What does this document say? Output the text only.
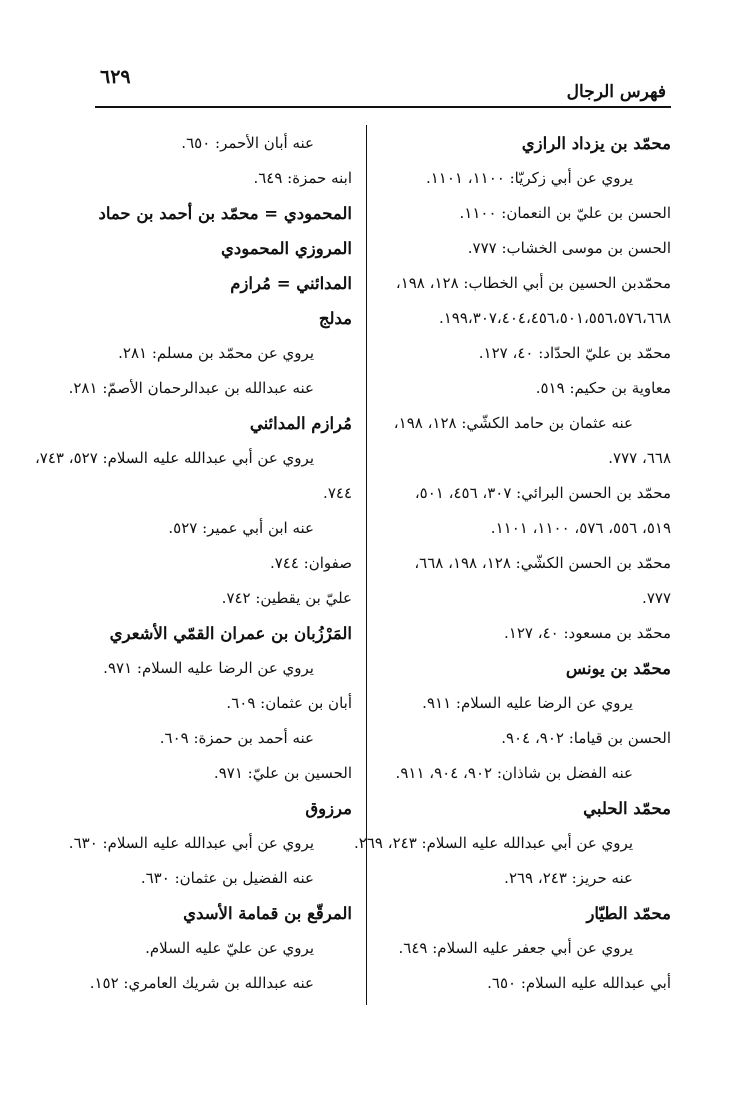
٦٢٩
فهرس الرجال
محمّد بن يزداد الرازي
يروي عن أبي زكريّا: ١١٠٠، ١١٠١.
الحسن بن عليّ بن النعمان: ١١٠٠.
الحسن بن موسى الخشاب: ٧٧٧.
محمّدبن الحسين بن أبي الخطاب: ١٢٨، ١٩٨،
١٩٩،٣٠٧،٤٠٤،٤٥٦،٥٠١،٥٥٦،٥٧٦،٦٦٨.
محمّد بن عليّ الحدّاد: ٤٠، ١٢٧.
معاوية بن حكيم: ٥١٩.
عنه عثمان بن حامد الكشّي: ١٢٨، ١٩٨،
٦٦٨، ٧٧٧.
محمّد بن الحسن البرائي: ٣٠٧، ٤٥٦، ٥٠١،
٥١٩، ٥٥٦، ٥٧٦، ١١٠٠، ١١٠١.
محمّد بن الحسن الكشّي: ١٢٨، ١٩٨، ٦٦٨،
٧٧٧.
محمّد بن مسعود: ٤٠، ١٢٧.
محمّد بن يونس
يروي عن الرضا عليه السلام: ٩١١.
الحسن بن قياما: ٩٠٢، ٩٠٤.
عنه الفضل بن شاذان: ٩٠٢، ٩٠٤، ٩١١.
محمّد الحلبي
يروي عن أبي عبدالله عليه السلام: ٢٤٣، ٢٦٩.
عنه حريز: ٢٤٣، ٢٦٩.
محمّد الطيّار
يروي عن أبي جعفر عليه السلام: ٦٤٩.
أبي عبدالله عليه السلام: ٦٥٠.
عنه أبان الأحمر: ٦٥٠.
ابنه حمزة: ٦٤٩.
المحمودي = محمّد بن أحمد بن حماد
المروزي المحمودي
المدائني = مُرازم
مدلج
يروي عن محمّد بن مسلم: ٢٨١.
عنه عبدالله بن عبدالرحمان الأصمّ: ٢٨١.
مُرازم المدائني
يروي عن أبي عبدالله عليه السلام: ٥٢٧، ٧٤٣،
٧٤٤.
عنه ابن أبي عمير: ٥٢٧.
صفوان: ٧٤٤.
عليّ بن يقطين: ٧٤٢.
المَرْزُبان بن عمران القمّي الأشعري
يروي عن الرضا عليه السلام: ٩٧١.
أبان بن عثمان: ٦٠٩.
عنه أحمد بن حمزة: ٦٠٩.
الحسين بن عليّ: ٩٧١.
مرزوق
يروي عن أبي عبدالله عليه السلام: ٦٣٠.
عنه الفضيل بن عثمان: ٦٣٠.
المرقّع بن قمامة الأسدي
يروي عن عليّ عليه السلام.
عنه عبدالله بن شريك العامري: ١٥٢.
